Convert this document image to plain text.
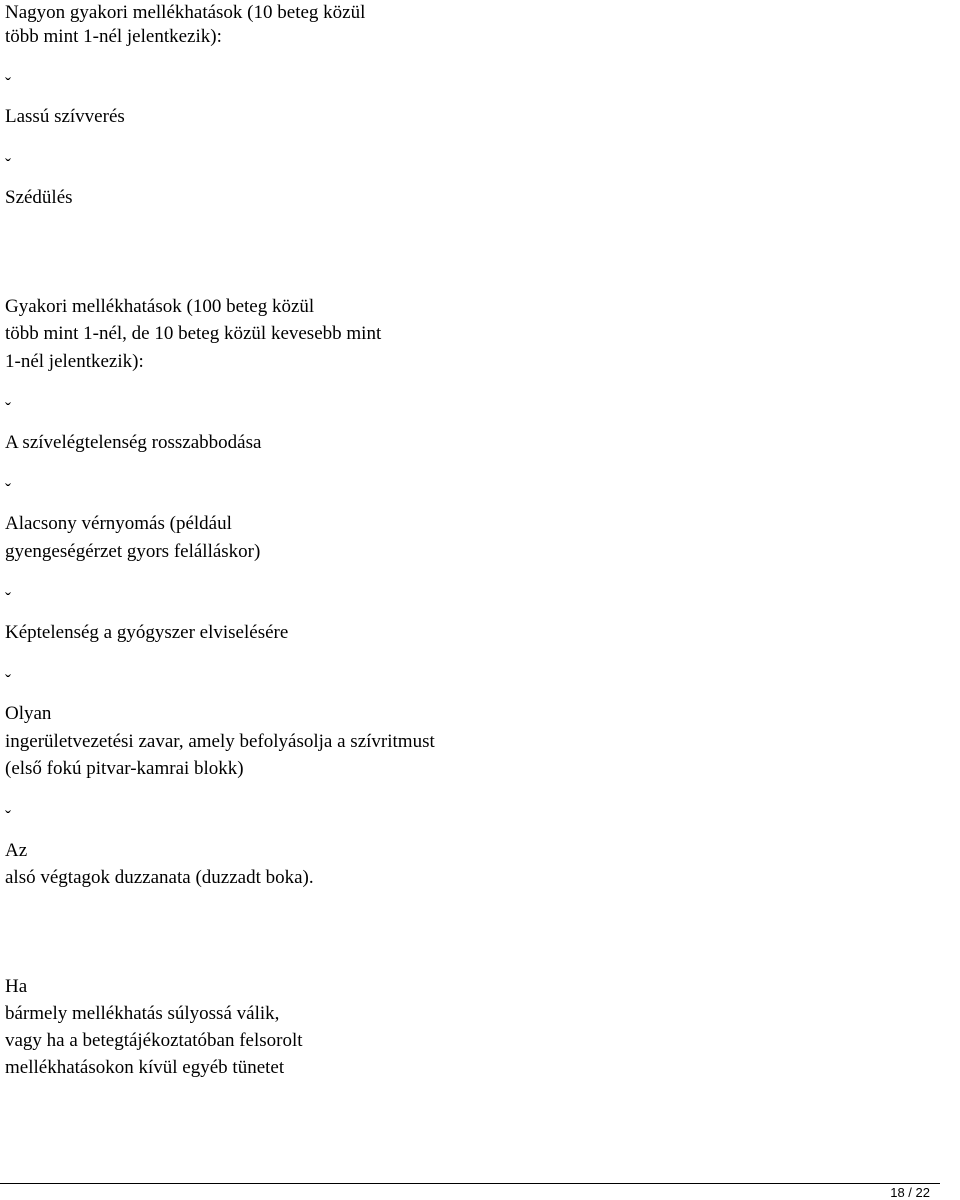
Nagyon gyakori mellékhatások (10 beteg közül
több mint 1-nél jelentkezik):
ˇ
Lassú szívverés
ˇ
Szédülés
Gyakori mellékhatások (100 beteg közül
több mint 1-nél, de 10 beteg közül kevesebb mint
1-nél jelentkezik):
ˇ
A szívelégtelenség rosszabbodása
ˇ
Alacsony vérnyomás (például
gyengeségérzet gyors felálláskor)
ˇ
Képtelenség a gyógyszer elviselésére
ˇ
Olyan
ingerületvezetési zavar, amely befolyásolja a szívritmust
(első fokú pitvar-kamrai blokk)
ˇ
Az
alsó végtagok duzzanata (duzzadt boka).
Ha
bármely mellékhatás súlyossá válik,
vagy ha a betegtájékoztatóban felsorolt
mellékhatásokon kívül egyéb tünetet
18 / 22
